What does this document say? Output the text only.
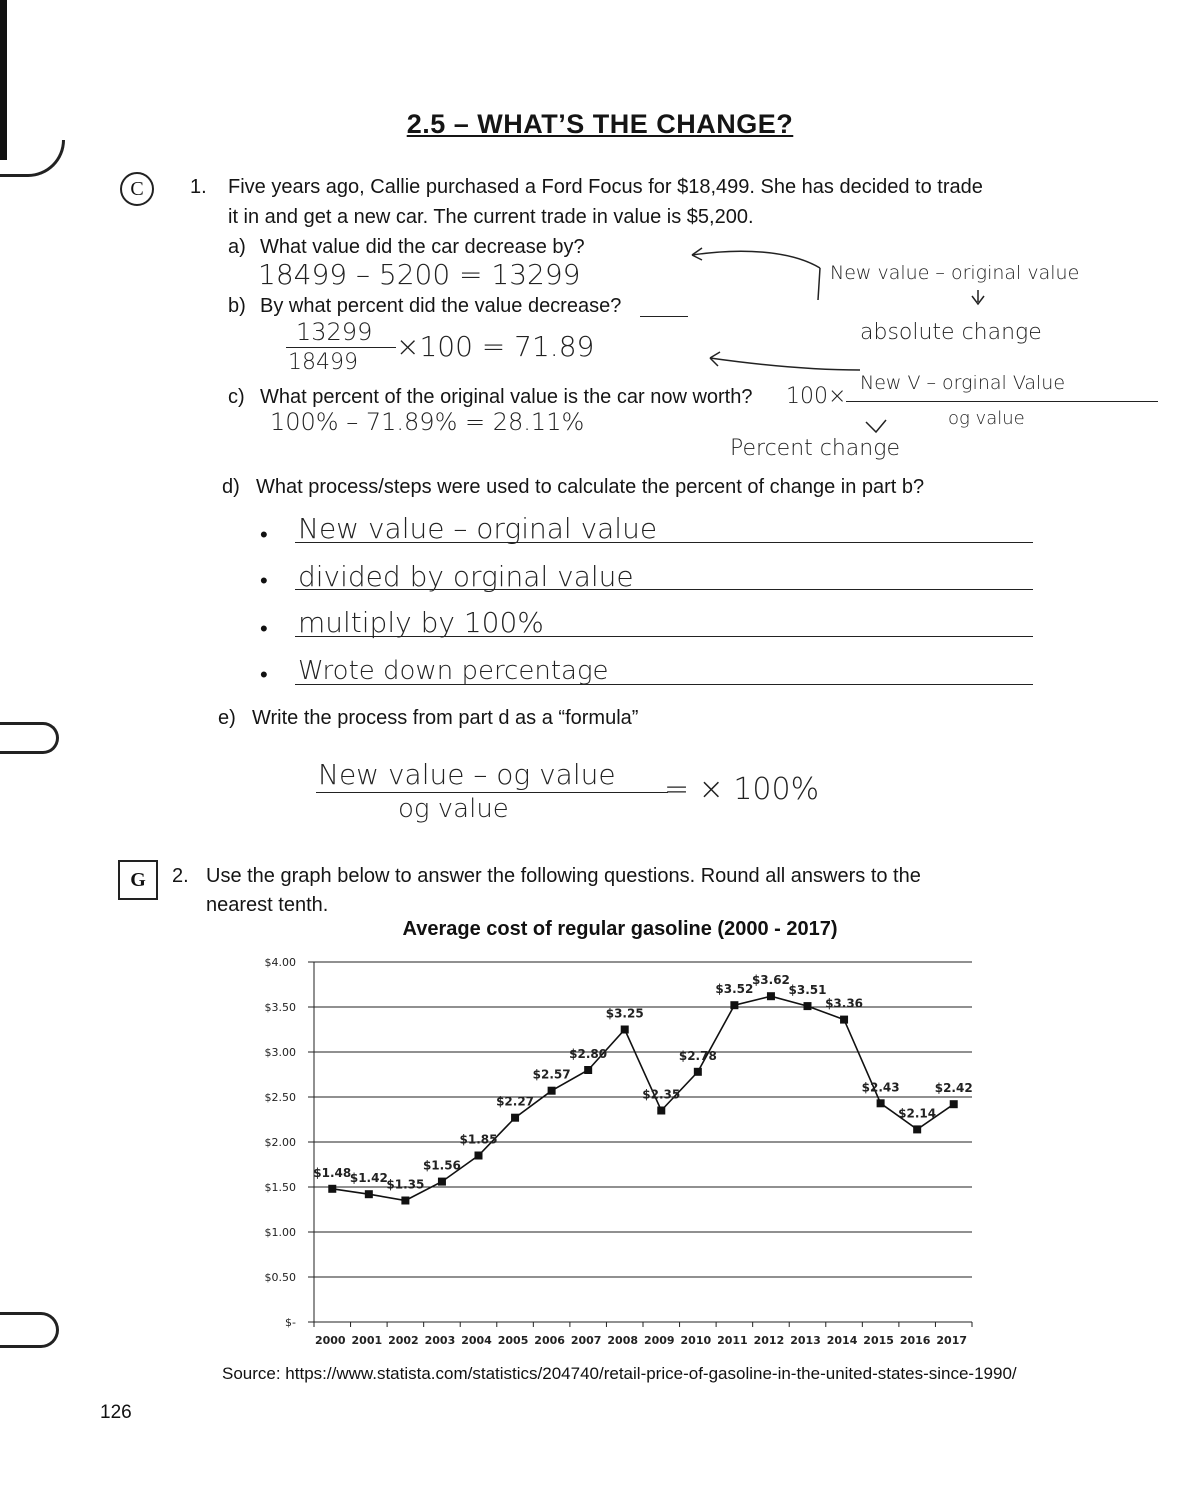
2.5 – WHAT’S THE CHANGE?
C	1. Five years ago, Callie purchased a Ford Focus for $18,499. She has decided to trade
it in and get a new car. The current trade in value is $5,200.
a) What value did the car decrease by?
18499 – 5200 = 13299
b) By what percent did the value decrease?
13299
18499 ×100 = 71.89
c) What percent of the original value is the car now worth? 100×
100% – 71.89% = 28.11%
New value – original value
absolute change
New V – orginal Value
og value
Percent change
d) What process/steps were used to calculate the percent of change in part b?
• New value – orginal value
• divided by orginal value
• multiply by 100%
• Wrote down percentage
e) Write the process from part d as a “formula”
New value – og value
og value
= × 100%
G	2. Use the graph below to answer the following questions. Round all answers to the
nearest tenth.
Average cost of regular gasoline (2000 - 2017)
$-
$0.50
$1.00
$1.50
$2.00
$2.50
$3.00
$3.50
$4.00
2000 2001 2002 2003 2004 2005 2006 2007 2008 2009 2010 2011 2012 2013 2014 2015 2016 2017
$1.48
$1.42
$1.35
$1.56
$1.85
$2.27
$2.57
$2.80
$3.25
$2.35
$2.78
$3.52
$3.62
$3.51
$3.36
$2.43
$2.14
$2.42
Source: https://www.statista.com/statistics/204740/retail-price-of-gasoline-in-the-united-states-since-1990/
126
